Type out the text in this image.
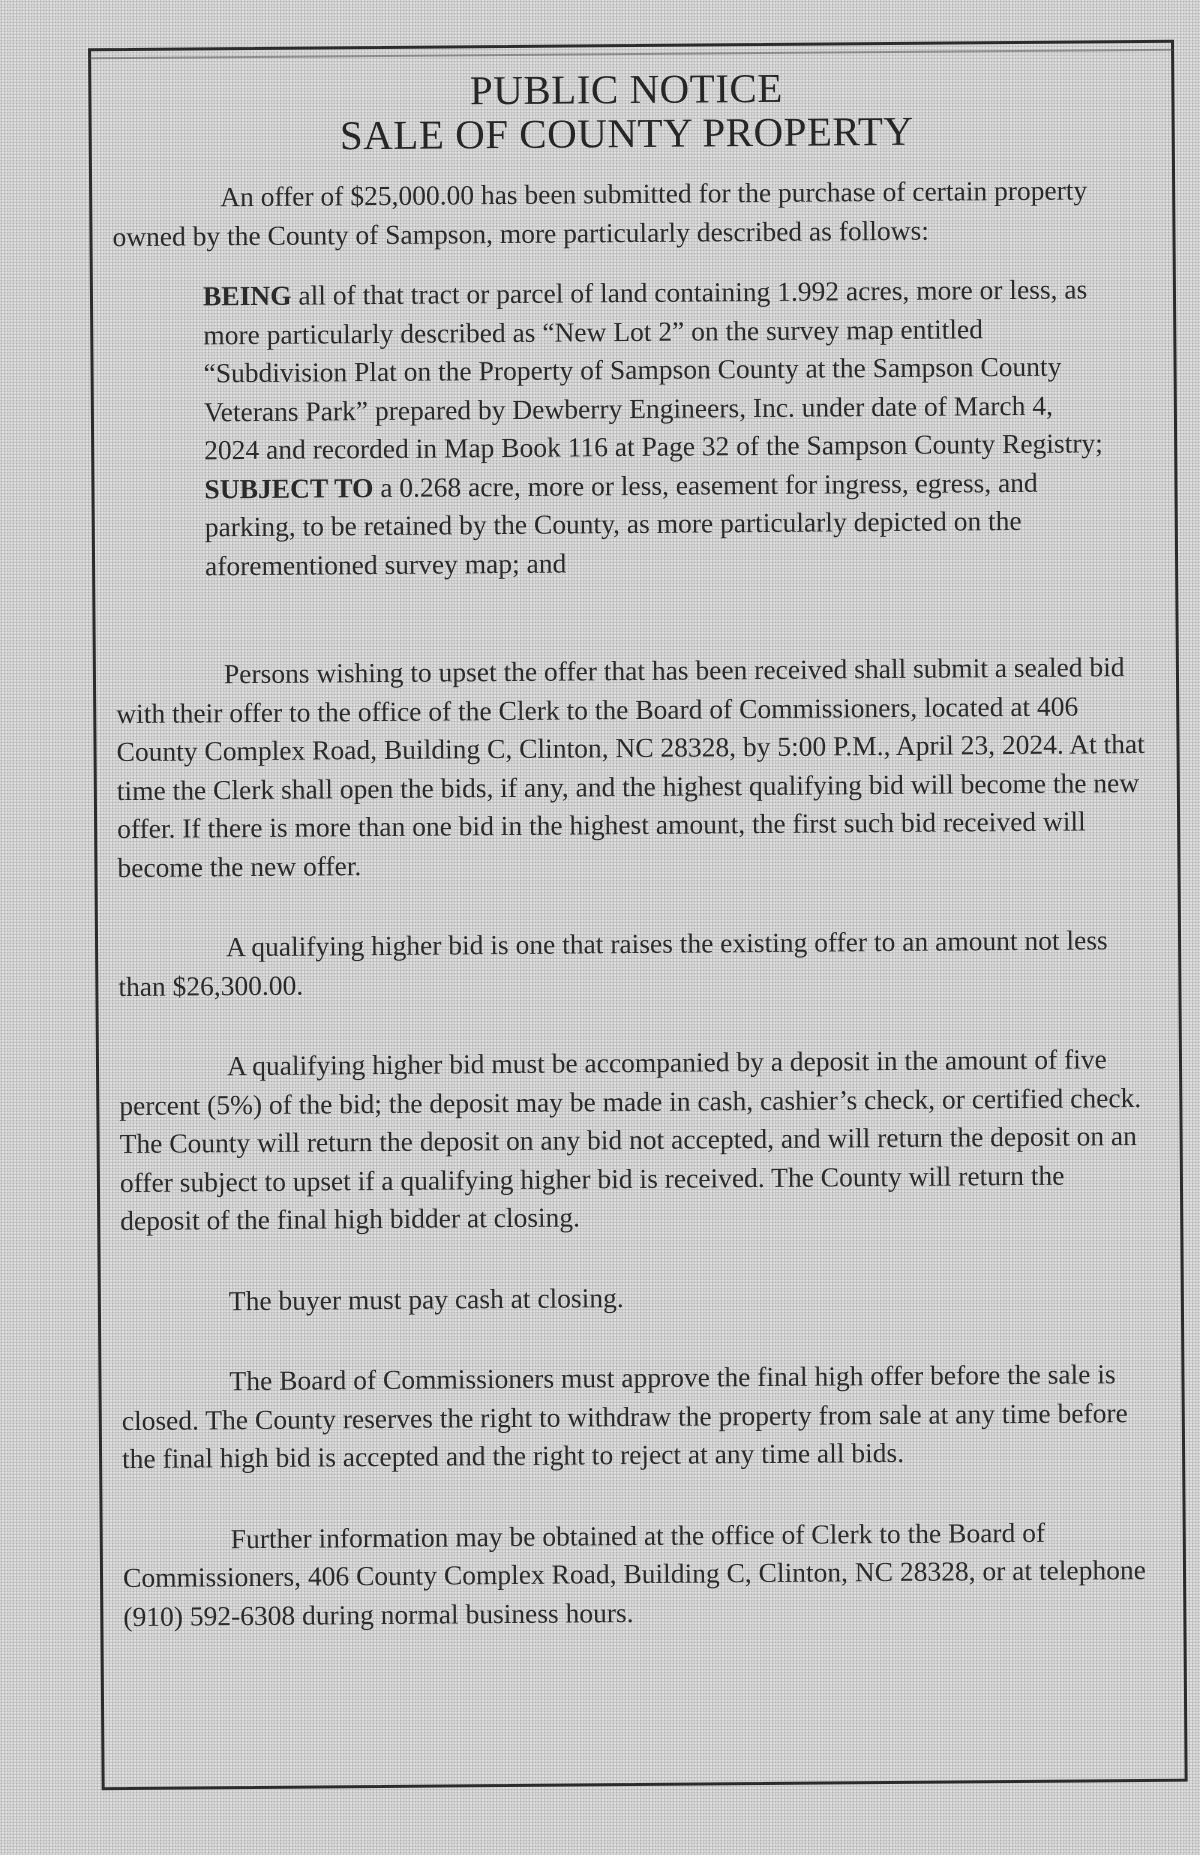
PUBLIC NOTICE
SALE OF COUNTY PROPERTY

An offer of $25,000.00 has been submitted for the purchase of certain property owned by the County of Sampson, more particularly described as follows:

BEING all of that tract or parcel of land containing 1.992 acres, more or less, as more particularly described as “New Lot 2” on the survey map entitled “Subdivision Plat on the Property of Sampson County at the Sampson County Veterans Park” prepared by Dewberry Engineers, Inc. under date of March 4, 2024 and recorded in Map Book 116 at Page 32 of the Sampson County Registry; SUBJECT TO a 0.268 acre, more or less, easement for ingress, egress, and parking, to be retained by the County, as more particularly depicted on the aforementioned survey map; and

Persons wishing to upset the offer that has been received shall submit a sealed bid with their offer to the office of the Clerk to the Board of Commissioners, located at 406 County Complex Road, Building C, Clinton, NC 28328, by 5:00 P.M., April 23, 2024. At that time the Clerk shall open the bids, if any, and the highest qualifying bid will become the new offer. If there is more than one bid in the highest amount, the first such bid received will become the new offer.

A qualifying higher bid is one that raises the existing offer to an amount not less than $26,300.00.

A qualifying higher bid must be accompanied by a deposit in the amount of five percent (5%) of the bid; the deposit may be made in cash, cashier’s check, or certified check. The County will return the deposit on any bid not accepted, and will return the deposit on an offer subject to upset if a qualifying higher bid is received. The County will return the deposit of the final high bidder at closing.

The buyer must pay cash at closing.

The Board of Commissioners must approve the final high offer before the sale is closed. The County reserves the right to withdraw the property from sale at any time before the final high bid is accepted and the right to reject at any time all bids.

Further information may be obtained at the office of Clerk to the Board of Commissioners, 406 County Complex Road, Building C, Clinton, NC 28328, or at telephone (910) 592-6308 during normal business hours.
